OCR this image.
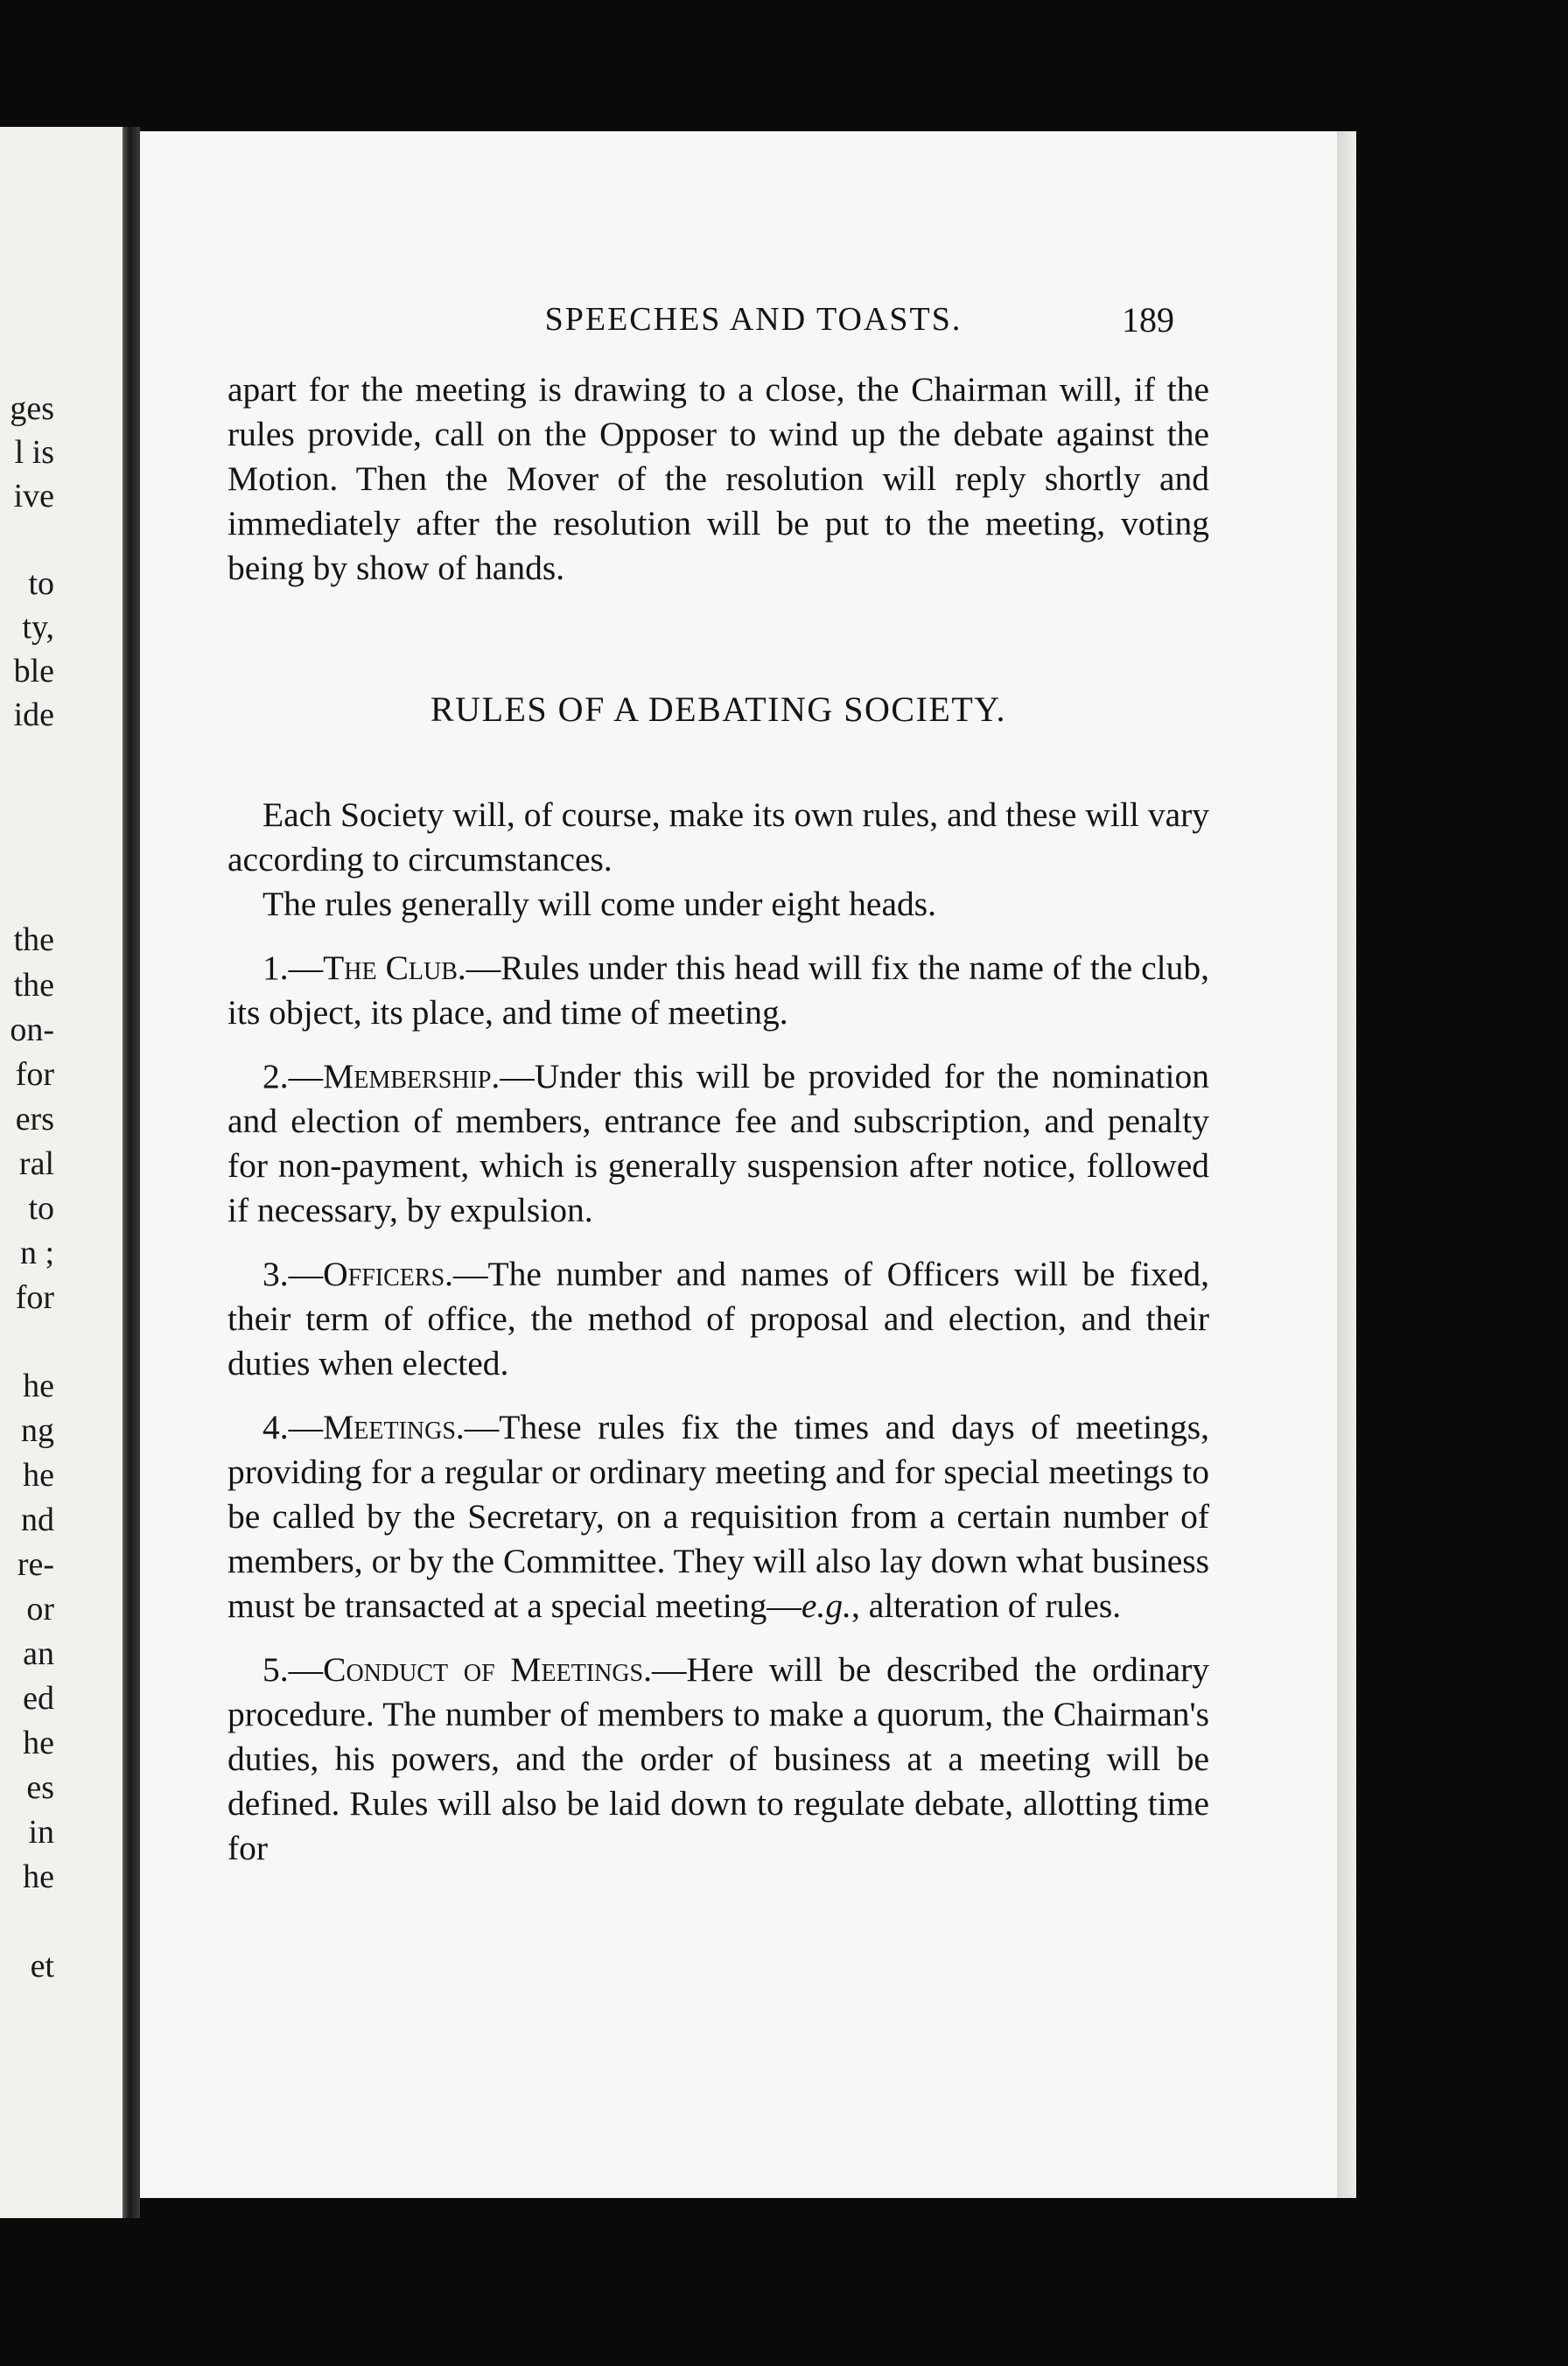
ges
l is
ive
to
ty,
ble
ide
the
the
on-
for
ers
ral
to
n ;
for
he
ng
he
nd
re-
or
an
ed
he
es
in
he
et
SPEECHES AND TOASTS.	189

apart for the meeting is drawing to a close, the Chairman will, if the rules provide, call on the Opposer to wind up the debate against the Motion. Then the Mover of the resolution will reply shortly and immediately after the resolution will be put to the meeting, voting being by show of hands.

RULES OF A DEBATING SOCIETY.

Each Society will, of course, make its own rules, and these will vary according to circumstances.

The rules generally will come under eight heads.

1.—The Club.—Rules under this head will fix the name of the club, its object, its place, and time of meeting.

2.—Membership.—Under this will be provided for the nomination and election of members, entrance fee and subscription, and penalty for non-payment, which is generally suspension after notice, followed if necessary, by expulsion.

3.—Officers.—The number and names of Officers will be fixed, their term of office, the method of proposal and election, and their duties when elected.

4.—Meetings.—These rules fix the times and days of meetings, providing for a regular or ordinary meeting and for special meetings to be called by the Secretary, on a requisition from a certain number of members, or by the Committee. They will also lay down what business must be transacted at a special meeting—e.g., alteration of rules.

5.—Conduct of Meetings.—Here will be described the ordinary procedure. The number of members to make a quorum, the Chairman's duties, his powers, and the order of business at a meeting will be defined. Rules will also be laid down to regulate debate, allotting time for
